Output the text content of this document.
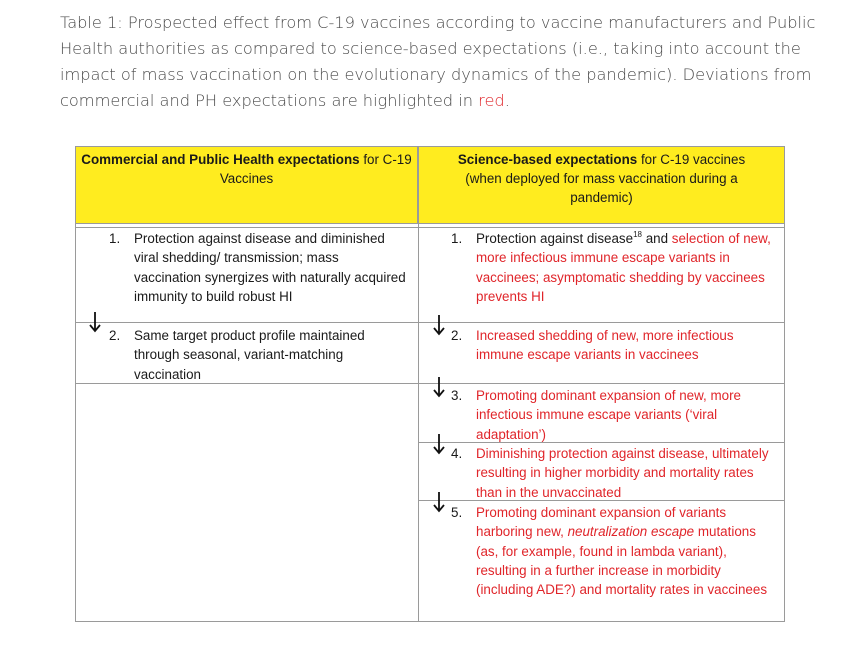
Table 1: Prospected effect from C-19 vaccines according to vaccine manufacturers and Public Health authorities as compared to science-based expectations (i.e., taking into account the impact of mass vaccination on the evolutionary dynamics of the pandemic). Deviations from commercial and PH expectations are highlighted in red.
Commercial and Public Health expectations for C-19 Vaccines
Science-based expectations for C-19 vaccines (when deployed for mass vaccination during a pandemic)
1. Protection against disease and diminished viral shedding/ transmission; mass vaccination synergizes with naturally acquired immunity to build robust HI
2. Same target product profile maintained through seasonal, variant-matching vaccination
1. Protection against disease$^{18}$ and selection of new, more infectious immune escape variants in vaccinees; asymptomatic shedding by vaccinees prevents HI
2. Increased shedding of new, more infectious immune escape variants in vaccinees
3. Promoting dominant expansion of new, more infectious immune escape variants (‘viral adaptation’)
4. Diminishing protection against disease, ultimately resulting in higher morbidity and mortality rates than in the unvaccinated
5. Promoting dominant expansion of variants harboring new, neutralization escape mutations (as, for example, found in lambda variant), resulting in a further increase in morbidity (including ADE?) and mortality rates in vaccinees
